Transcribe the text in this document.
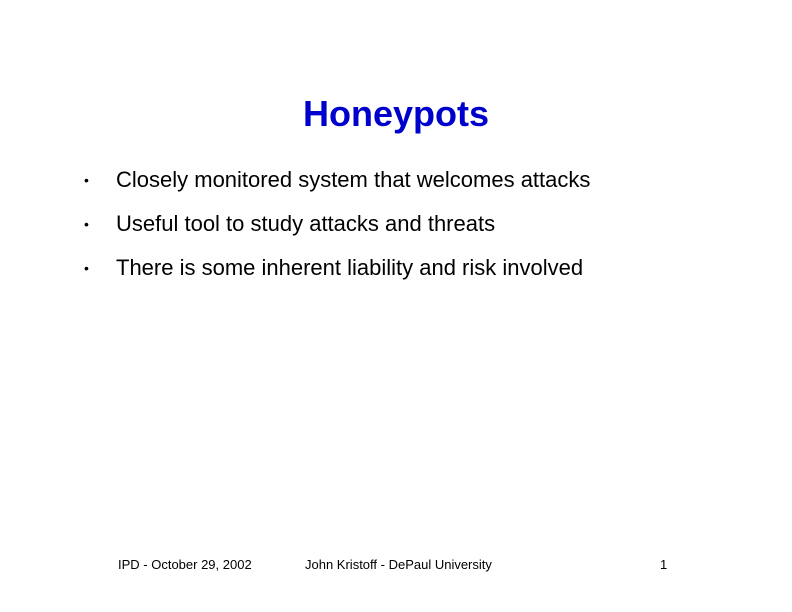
Honeypots
•	Closely monitored system that welcomes attacks
•	Useful tool to study attacks and threats
•	There is some inherent liability and risk involved
IPD - October 29, 2002	John Kristoff - DePaul University	1
